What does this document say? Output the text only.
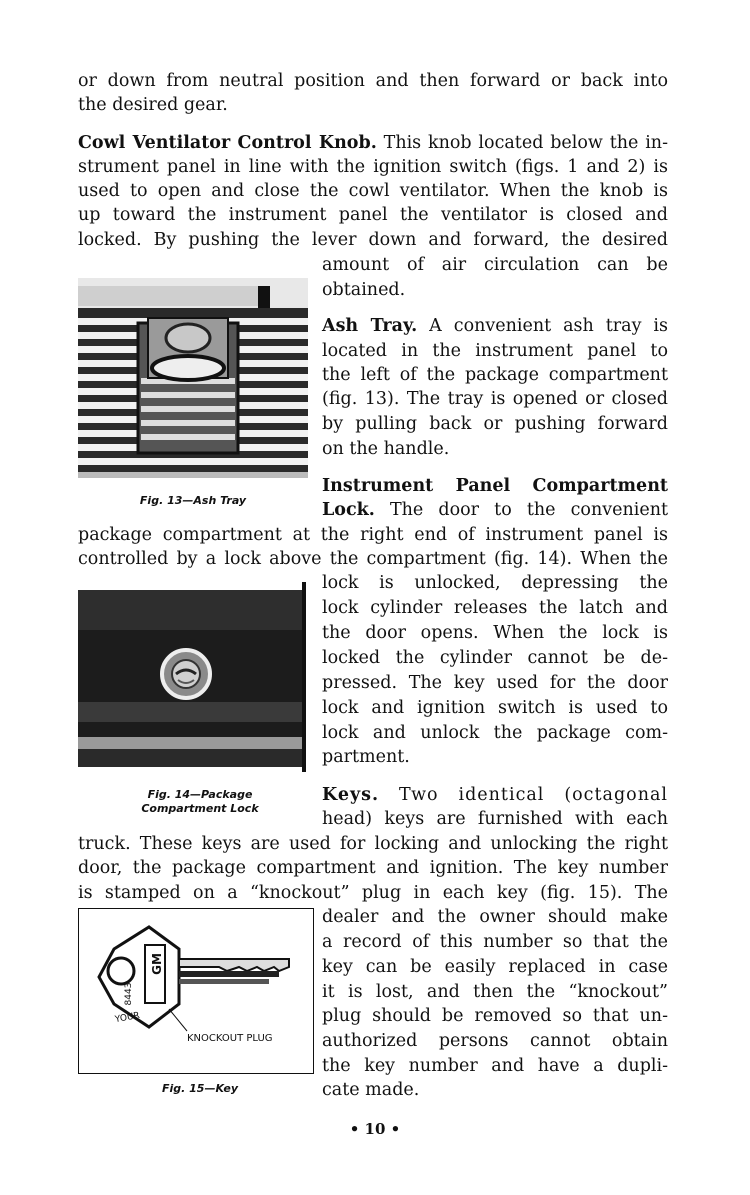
or down from neutral position and then forward or back into
the desired gear.
Cowl Ventilator Control Knob. This knob located below the in-
strument panel in line with the ignition switch (figs. 1 and 2) is
used to open and close the cowl ventilator. When the knob is
up toward the instrument panel the ventilator is closed and
locked. By pushing the lever down and forward, the desired
amount of air circulation can be
obtained.
Fig. 13—Ash Tray
Ash Tray. A convenient ash tray is
located in the instrument panel to
the left of the package compartment
(fig. 13). The tray is opened or closed
by pulling back or pushing forward
on the handle.
Instrument Panel Compartment
Lock. The door to the convenient
package compartment at the right end of instrument panel is
controlled by a lock above the compartment (fig. 14). When the
lock is unlocked, depressing the
lock cylinder releases the latch and
the door opens. When the lock is
locked the cylinder cannot be de-
pressed. The key used for the door
lock and ignition switch is used to
lock and unlock the package com-
partment.
Fig. 14—Package
Compartment Lock
Keys. Two identical (octagonal
head) keys are furnished with each
truck. These keys are used for locking and unlocking the right
door, the package compartment and ignition. The key number
is stamped on a “knockout” plug in each key (fig. 15). The
dealer and the owner should make
a record of this number so that the
key can be easily replaced in case
it is lost, and then the “knockout”
plug should be removed so that un-
authorized persons cannot obtain
the key number and have a dupli-
cate made.
GM
8443
YOUR
KNOCKOUT PLUG
Fig. 15—Key
• 10 •
